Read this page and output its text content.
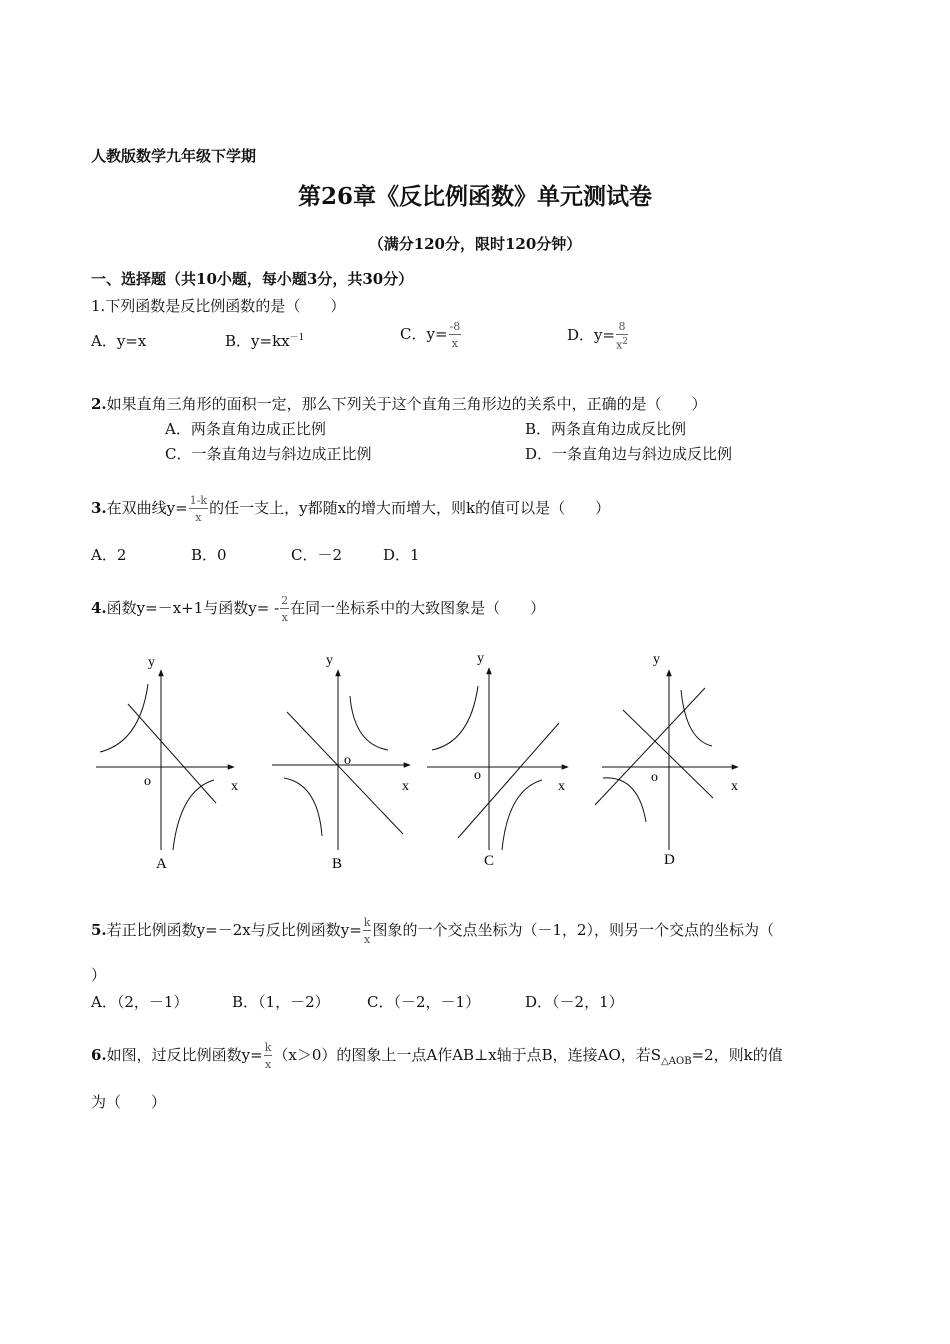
人教版数学九年级下学期
第26章《反比例函数》单元测试卷
（满分120分，限时120分钟）
一、选择题（共10小题，每小题3分，共30分）
1.下列函数是反比例函数的是（　　）
A．y=x	B．$y=kx^{-1}$	C．$y= \frac{-8}{x}$	D．$y= \frac{8}{x^2}$
2.如果直角三角形的面积一定，那么下列关于这个直角三角形边的关系中，正确的是（　　）
A．两条直角边成正比例	B．两条直角边成反比例
C．一条直角边与斜边成正比例	D．一条直角边与斜边成反比例
3.在双曲线$y= \frac{1-k}{x}$ 的任一支上，y都随x的增大而增大，则k的值可以是（　　）
A．2	B．0	C．－2	D．1
4.函数y=－x+1与函数$y= - \frac{2}{x}$ 在同一坐标系中的大致图象是（　　）
y
x
o
A
y
x
o
B
y
x
o
C
y
x
o
D
5.若正比例函数y=－2x与反比例函数$y= \frac{k}{x}$ 图象的一个交点坐标为（－1，2），则另一个交点的坐标为（
）
A．（2，－1）	B．（1，－2） C．（－2，－1）	D．（－2，1）
6.如图，过反比例函数$y= \frac{k}{x} (x>0)$的图象上一点A作AB⊥x轴于点B，连接AO，若$S_{\triangle AOB}=2$，则k的值
为（　　）
